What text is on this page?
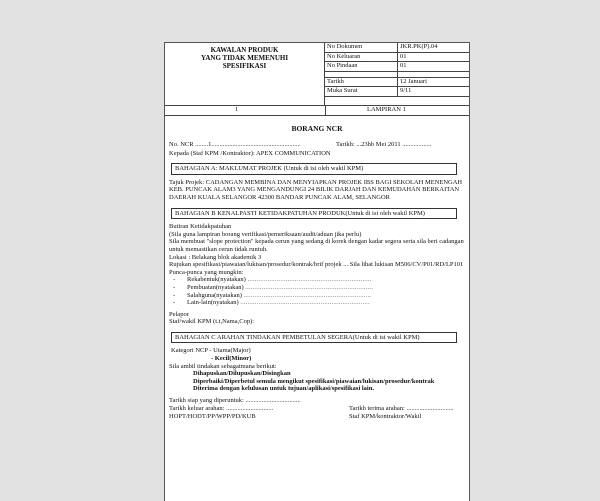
KAWALAN PRODUK
YANG TIDAK MEMENUHI
SPESIFIKASI
No Dokumen	JKR.PK(P).04
No Keluaran	01
No Pindaan	01

Tarikh	12 Januari
Muka Surat	9/11
1	LAMPIRAN 1
BORANG NCR
No. NCR ........1.......................................................	Tarikh: ...23hb Mei 2011 ..................

Kepada (Staf KPM /Kontraktor): APEX COMMUNICATION

BAHAGIAN A: MAKLUMAT PROJEK (Untuk di isi oleh wakil KPM)

Tajuk Projek: CADANGAN MEMBINA DAN MENYIAPKAN PROJEK IBS BAGI SEKOLAH MENENGAH KEB. PUNCAK ALAM3 YANG MENGANDUNGI 24 BILIK DARJAH DAN KEMUDAHAN BERKAITAN DAERAH KUALA SELANGOR 42300 BANDAR PUNCAK ALAM, SELANGOR

BAHAGIAN B KENALPASTI KETIDAKPATUHAN PRODUK(Untuk di isi oleh wakil KPM)

Butiran Ketidakpatuhan

(Sila guna lampiran borang verifikasi/pemeriksaan/audit/aduan jika perlu)

Sila membuat "slope protection" kepada cerun yang sedang di korek dengan kadar segera serta sila beri cadangan untuk memastikan cerun tidak runtuh.

Lokasi : Belakang blok akademik 3

Rujukan spesifikasi/piawaian/lukisan/prosedur/kontrak/brif projek ... Sila lihat lukisan M506/CV/P01/RD/LP101

Punca-punca yang mungkin:

- Rekabentuk(nyatakan) ....................................................................
- Pembuatan(nyatakan) ......................................................................
- Salahguna(nyatakan) ......................................................................
- Lain-lain(nyatakan) .......................................................................

Pelapor

Staf/wakil KPM (t.t,Nama,Cop):

BAHAGIAN C ARAHAN TINDAKAN PEMBETULAN SEGERA(Untuk di isi wakil KPM)

Kategori NCP - Utama(Major)

- Kecil(Minor)

Sila ambil tindakan sebagaimana berikut:

Dihapuskan/Dilupuskan/Disingkan

Diperbaiki/Diperbetul semula mengikut spesifikasi/piawaian/lukisan/prosedur/kontrak

Diterima dengan kelulusan untuk tujuan/aplikasi/spesifikasi lain.

Tarikh siap yang diperuntuk: ..................................

Tarikh keluar arahan: .............................	Tarikh terima arahan: .............................
HOPT/HODT/PP/WPP/PD/KUB	Staf KPM/kontraktor/Wakil
